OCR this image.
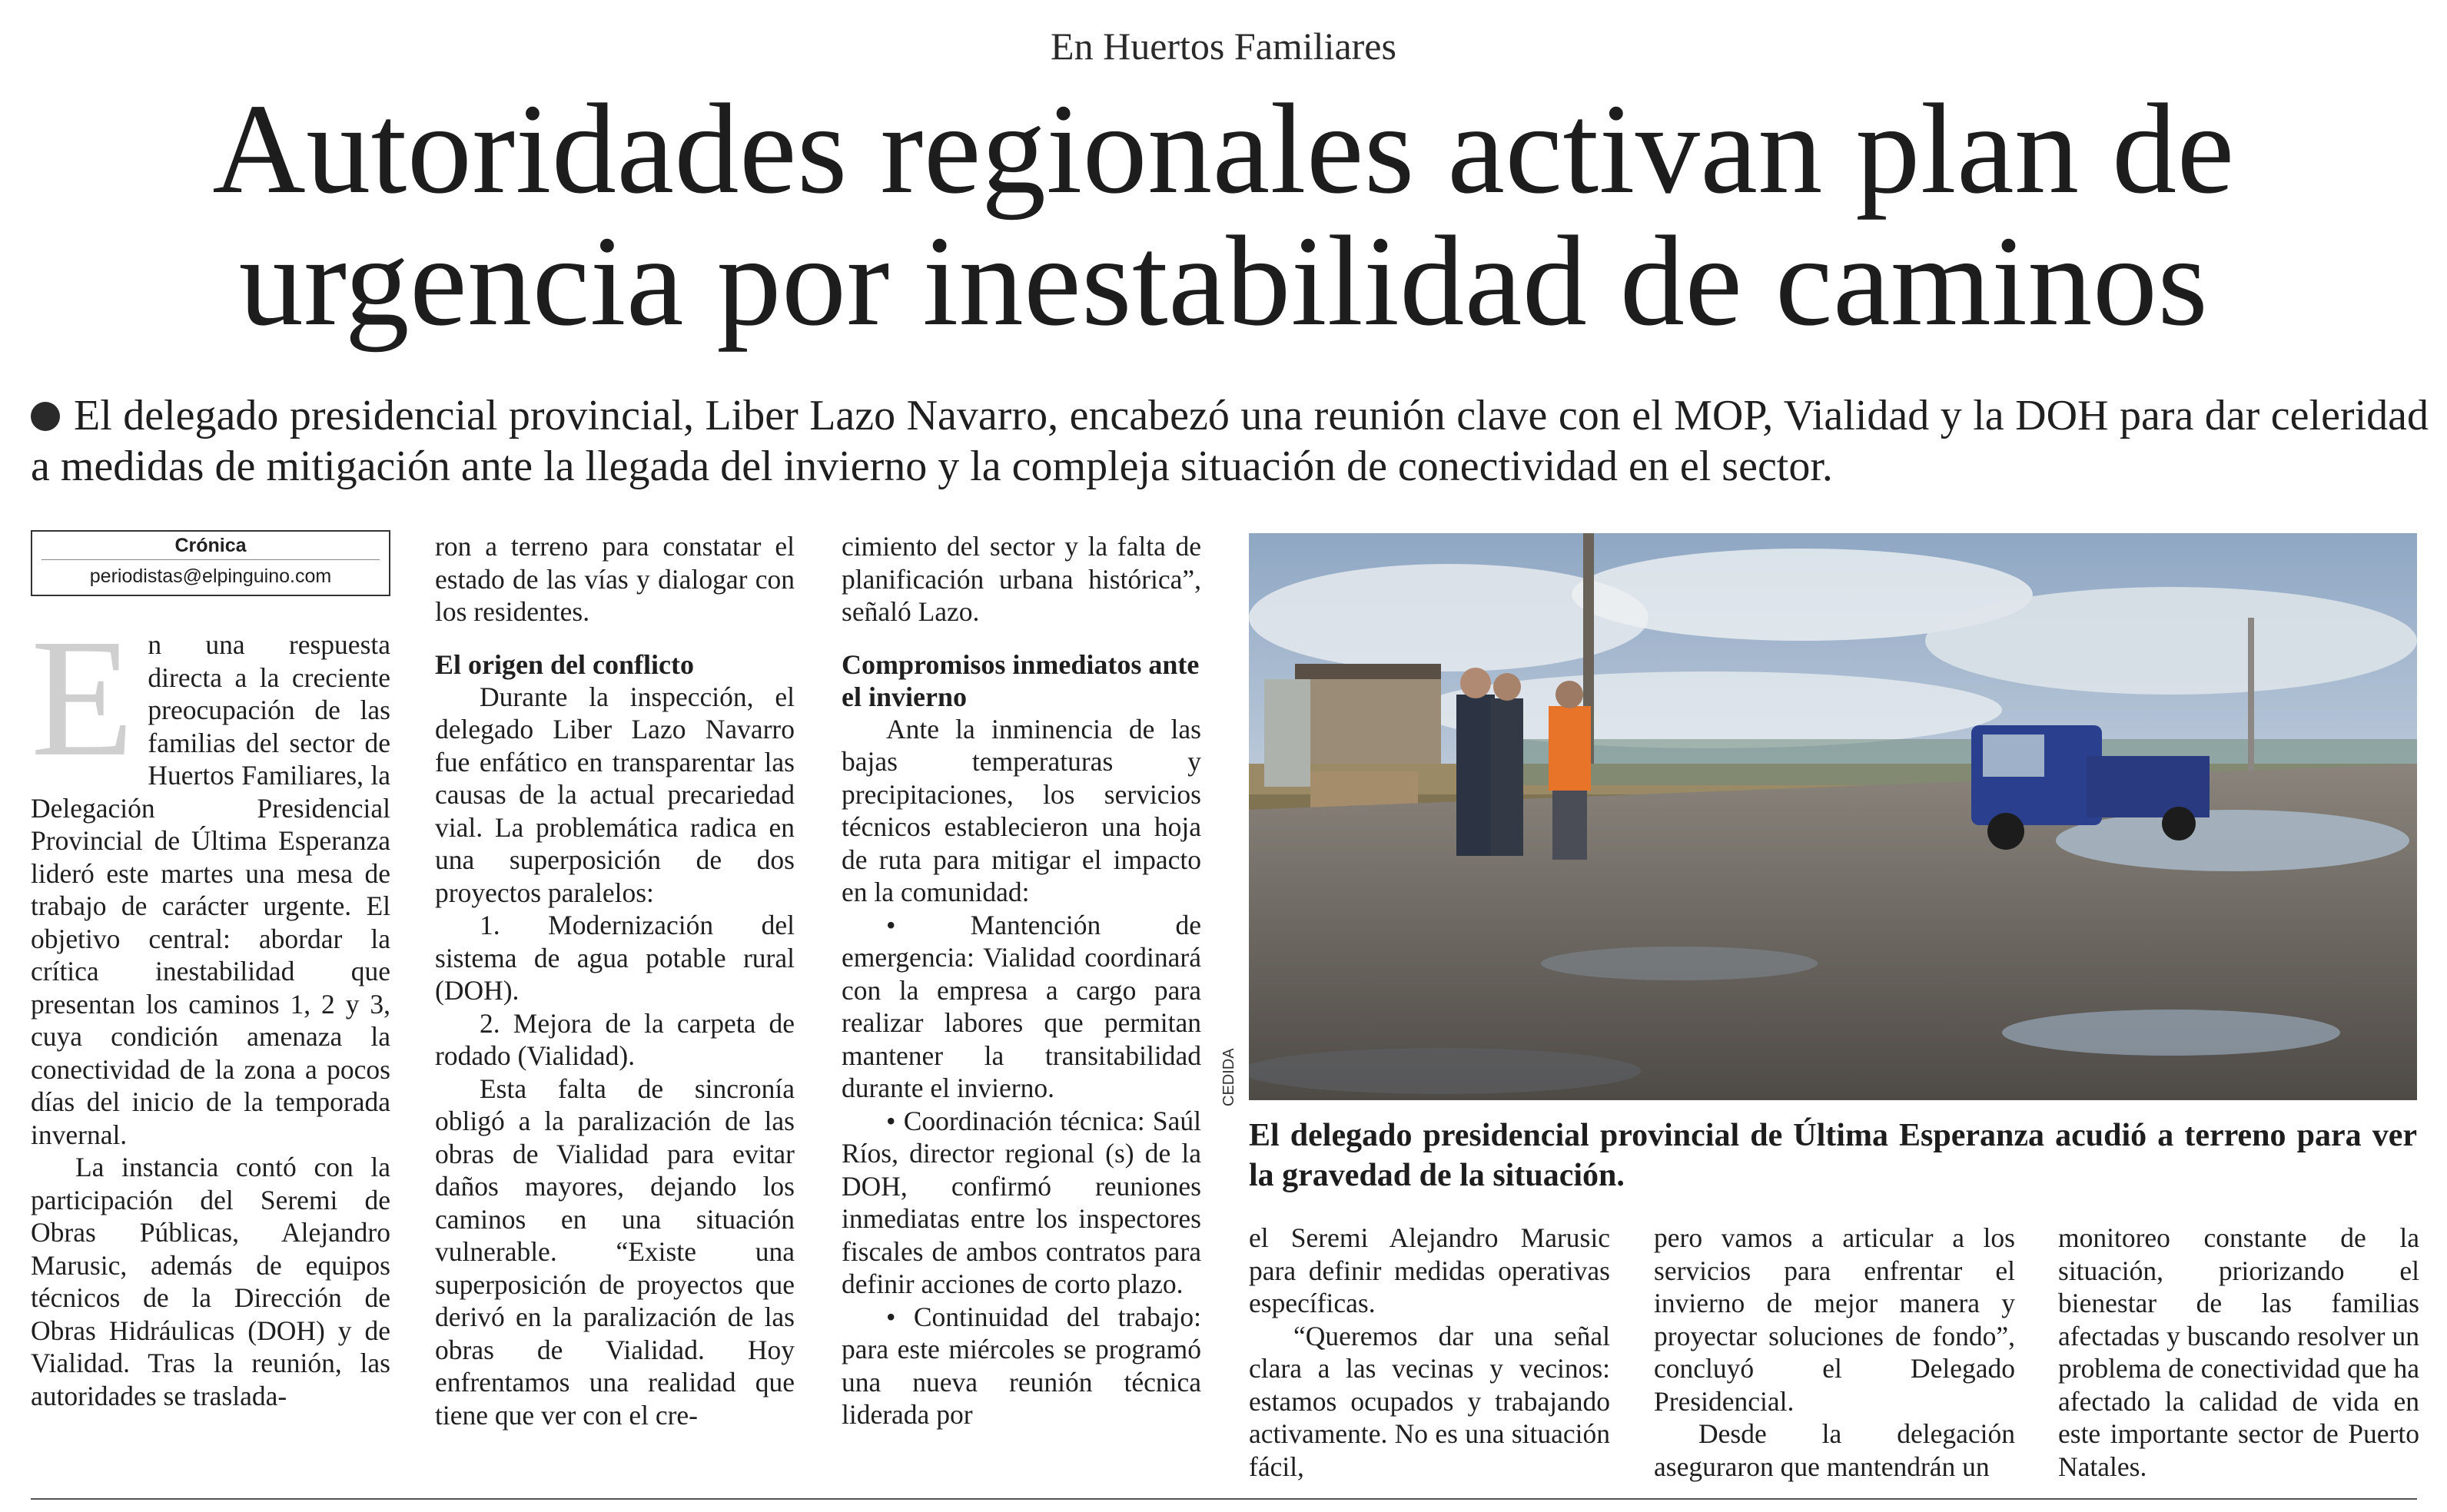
En Huertos Familiares
Autoridades regionales activan plan de
urgencia por inestabilidad de caminos
El delegado presidencial provincial, Liber Lazo Navarro, encabezó una reunión clave con el MOP, Vialidad y la DOH para dar celeridad a medidas de mitigación ante la llegada del invierno y la compleja situación de conectividad en el sector.
Crónica
periodistas@elpinguino.com

En una respuesta directa a la creciente preocupación de las familias del sector de Huertos Familiares, la Delegación Presidencial Provincial de Última Esperanza lideró este martes una mesa de trabajo de carácter urgente. El objetivo central: abordar la crítica inestabilidad que presentan los caminos 1, 2 y 3, cuya condición amenaza la conectividad de la zona a pocos días del inicio de la temporada invernal.

La instancia contó con la participación del Seremi de Obras Públicas, Alejandro Marusic, además de equipos técnicos de la Dirección de Obras Hidráulicas (DOH) y de Vialidad. Tras la reunión, las autoridades se traslada-

ron a terreno para constatar el estado de las vías y dialogar con los residentes.

El origen del conflicto

Durante la inspección, el delegado Liber Lazo Navarro fue enfático en transparentar las causas de la actual precariedad vial. La problemática radica en una superposición de dos proyectos paralelos:

1. Modernización del sistema de agua potable rural (DOH).

2. Mejora de la carpeta de rodado (Vialidad).

Esta falta de sincronía obligó a la paralización de las obras de Vialidad para evitar daños mayores, dejando los caminos en una situación vulnerable. “Existe una superposición de proyectos que derivó en la paralización de las obras de Vialidad. Hoy enfrentamos una realidad que tiene que ver con el cre-

cimiento del sector y la falta de planificación urbana histórica”, señaló Lazo.

Compromisos inmediatos ante el invierno

Ante la inminencia de las bajas temperaturas y precipitaciones, los servicios técnicos establecieron una hoja de ruta para mitigar el impacto en la comunidad:

• Mantención de emergencia: Vialidad coordinará con la empresa a cargo para realizar labores que permitan mantener la transitabilidad durante el invierno.

• Coordinación técnica: Saúl Ríos, director regional (s) de la DOH, confirmó reuniones inmediatas entre los inspectores fiscales de ambos contratos para definir acciones de corto plazo.

• Continuidad del trabajo: para este miércoles se programó una nueva reunión técnica liderada por

CEDIDA
El delegado presidencial provincial de Última Esperanza acudió a terreno para ver la gravedad de la situación.

el Seremi Alejandro Marusic para definir medidas operativas específicas.

“Queremos dar una señal clara a las vecinas y vecinos: estamos ocupados y trabajando activamente. No es una situación fácil,

pero vamos a articular a los servicios para enfrentar el invierno de mejor manera y proyectar soluciones de fondo”, concluyó el Delegado Presidencial.

Desde la delegación aseguraron que mantendrán un

monitoreo constante de la situación, priorizando el bienestar de las familias afectadas y buscando resolver un problema de conectividad que ha afectado la calidad de vida en este importante sector de Puerto Natales.
